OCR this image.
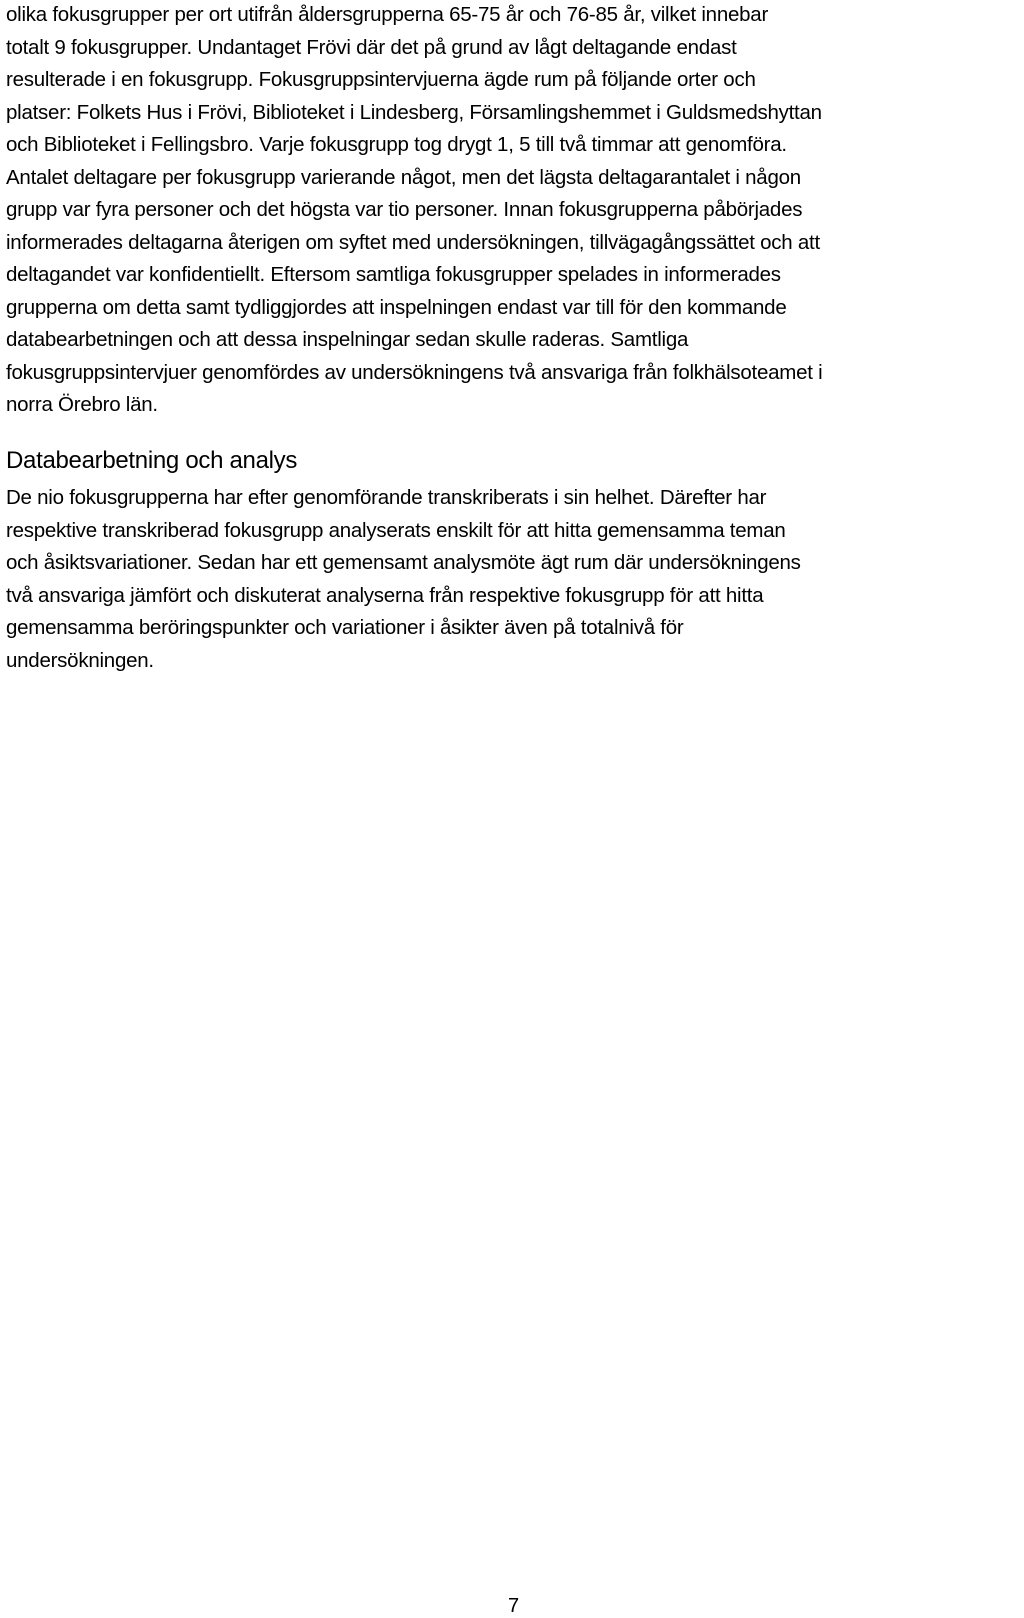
olika fokusgrupper per ort utifrån åldersgrupperna 65-75 år och 76-85 år, vilket innebar
totalt 9 fokusgrupper. Undantaget Frövi där det på grund av lågt deltagande endast
resulterade i en fokusgrupp. Fokusgruppsintervjuerna ägde rum på följande orter och
platser: Folkets Hus i Frövi, Biblioteket i Lindesberg, Församlingshemmet i Guldsmedshyttan
och Biblioteket i Fellingsbro. Varje fokusgrupp tog drygt 1, 5 till två timmar att genomföra.
Antalet deltagare per fokusgrupp varierande något, men det lägsta deltagarantalet i någon
grupp var fyra personer och det högsta var tio personer. Innan fokusgrupperna påbörjades
informerades deltagarna återigen om syftet med undersökningen, tillvägagångssättet och att
deltagandet var konfidentiellt. Eftersom samtliga fokusgrupper spelades in informerades
grupperna om detta samt tydliggjordes att inspelningen endast var till för den kommande
databearbetningen och att dessa inspelningar sedan skulle raderas. Samtliga
fokusgruppsintervjuer genomfördes av undersökningens två ansvariga från folkhälsoteamet i
norra Örebro län.

Databearbetning och analys

De nio fokusgrupperna har efter genomförande transkriberats i sin helhet. Därefter har
respektive transkriberad fokusgrupp analyserats enskilt för att hitta gemensamma teman
och åsiktsvariationer. Sedan har ett gemensamt analysmöte ägt rum där undersökningens
två ansvariga jämfört och diskuterat analyserna från respektive fokusgrupp för att hitta
gemensamma beröringspunkter och variationer i åsikter även på totalnivå för
undersökningen.

7
